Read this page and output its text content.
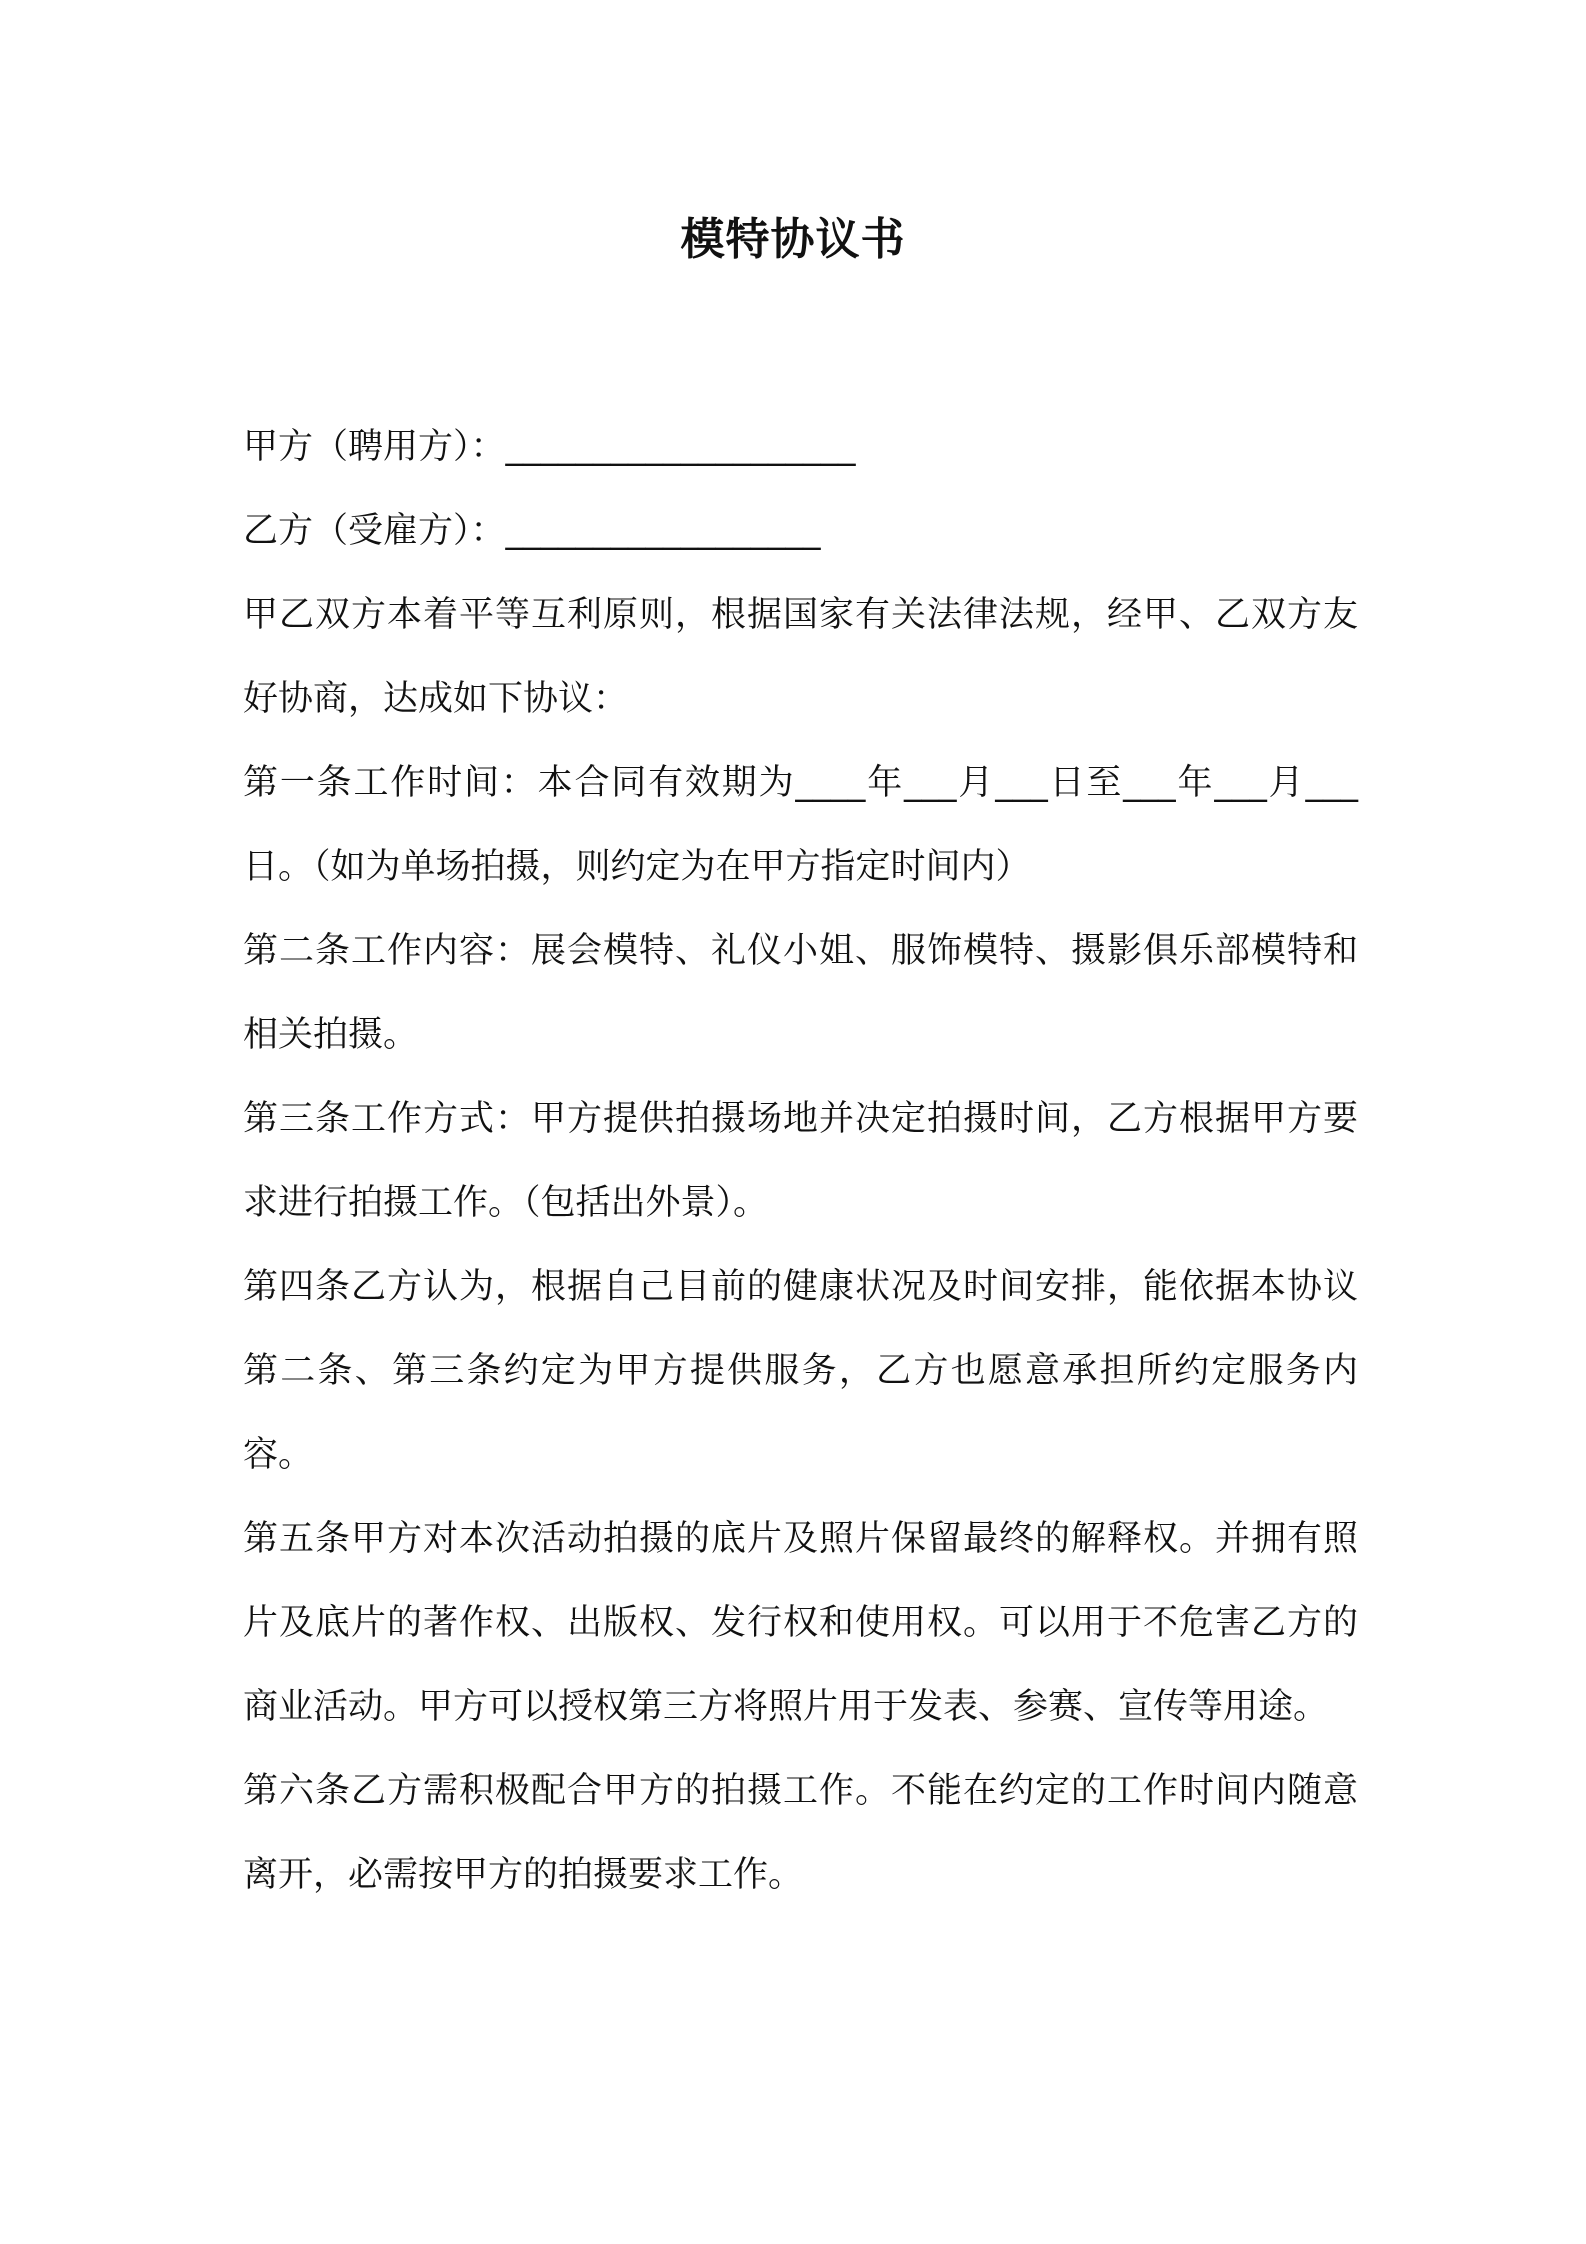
模特协议书

甲方（聘用方）：____________________

乙方（受雇方）：__________________

甲乙双方本着平等互利原则，根据国家有关法律法规，经甲、乙双方友好协商，达成如下协议：

第一条工作时间：本合同有效期为____年___月___日至___年___月___日。（如为单场拍摄，则约定为在甲方指定时间内）

第二条工作内容：展会模特、礼仪小姐、服饰模特、摄影俱乐部模特和相关拍摄。

第三条工作方式：甲方提供拍摄场地并决定拍摄时间，乙方根据甲方要求进行拍摄工作。（包括出外景）。

第四条乙方认为，根据自己目前的健康状况及时间安排，能依据本协议第二条、第三条约定为甲方提供服务，乙方也愿意承担所约定服务内容。

第五条甲方对本次活动拍摄的底片及照片保留最终的解释权。并拥有照片及底片的著作权、出版权、发行权和使用权。可以用于不危害乙方的商业活动。甲方可以授权第三方将照片用于发表、参赛、宣传等用途。

第六条乙方需积极配合甲方的拍摄工作。不能在约定的工作时间内随意离开，必需按甲方的拍摄要求工作。
